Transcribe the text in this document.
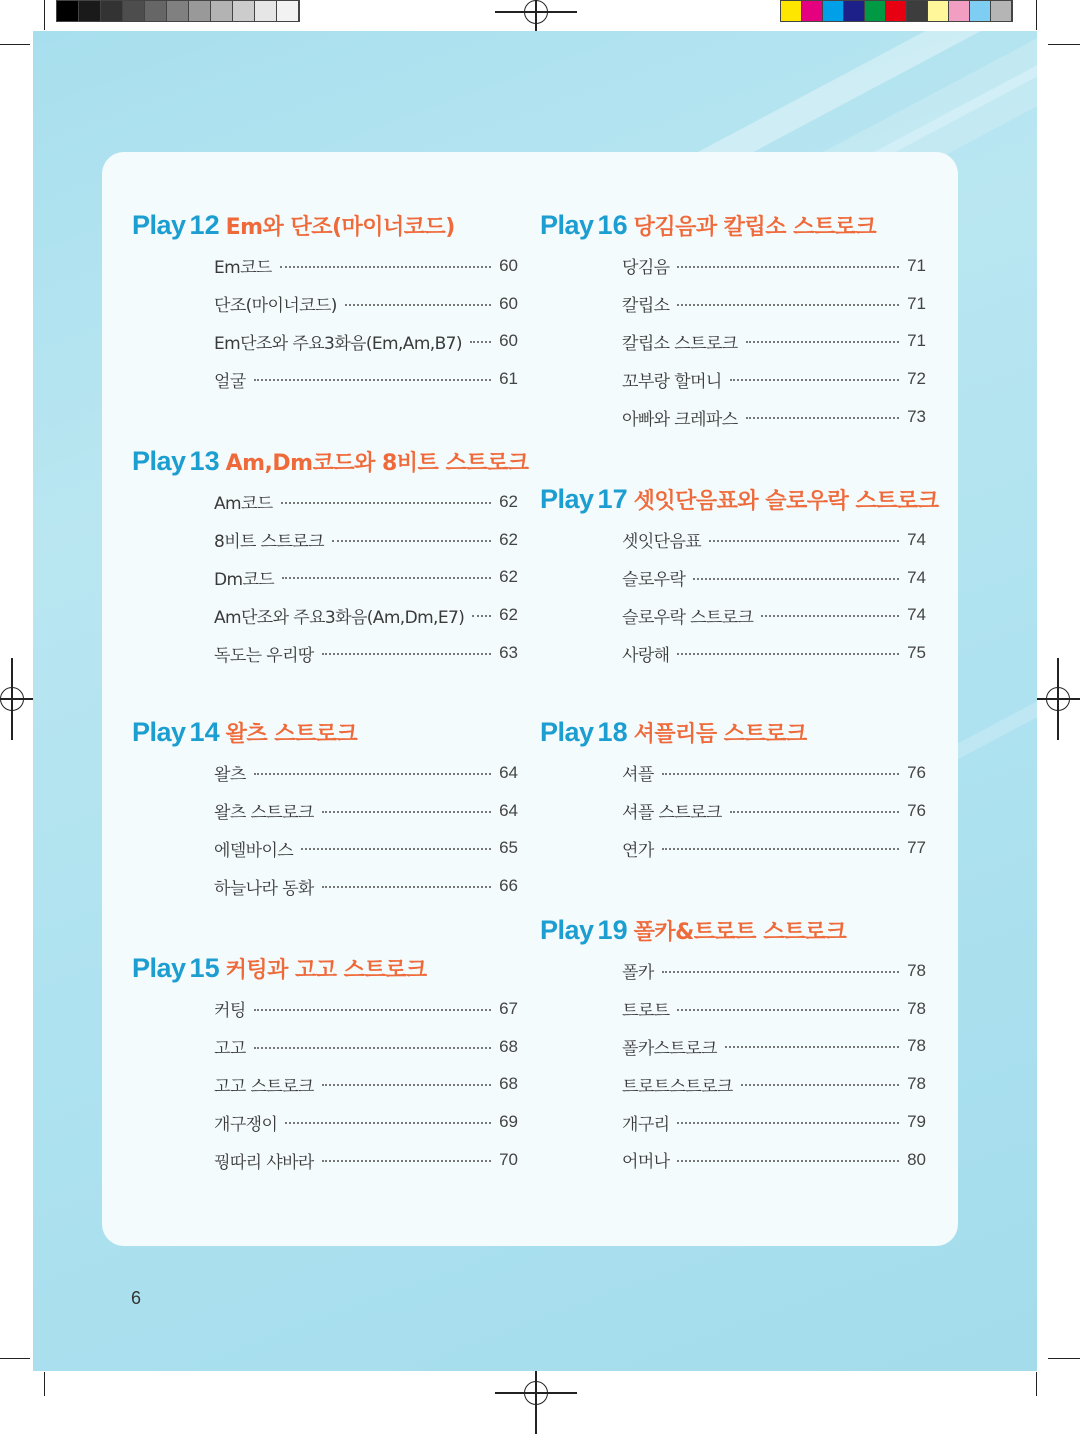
Play 12 Em와 단조(마이너코드)
Em코드	60
단조(마이너코드)	60
Em단조와 주요3화음(Em,Am,B7) 60
얼굴	61
Play 13 Am,Dm코드와 8비트 스트로크
Am코드	62
8비트 스트로크	62
Dm코드	62
Am단조와 주요3화음(Am,Dm,E7) 62
독도는 우리땅	63
Play 14 왈츠 스트로크
왈츠	64
왈츠 스트로크	64
에델바이스	65
하늘나라 동화	66
Play 15 커팅과 고고 스트로크
커팅	67
고고	68
고고 스트로크	68
개구쟁이	69
꿩따리 샤바라	70
Play 16 당김음과 칼립소 스트로크
당김음	71
칼립소	71
칼립소 스트로크	71
꼬부랑 할머니	72
아빠와 크레파스	73
Play 17 셋잇단음표와 슬로우락 스트로크
셋잇단음표	74
슬로우락	74
슬로우락 스트로크	74
사랑해	75
Play 18 셔플리듬 스트로크
셔플	76
셔플 스트로크	76
연가	77
Play 19 폴카&트로트 스트로크
폴카	78
트로트	78
폴카스트로크	78
트로트스트로크	78
개구리	79
어머나	80
6
